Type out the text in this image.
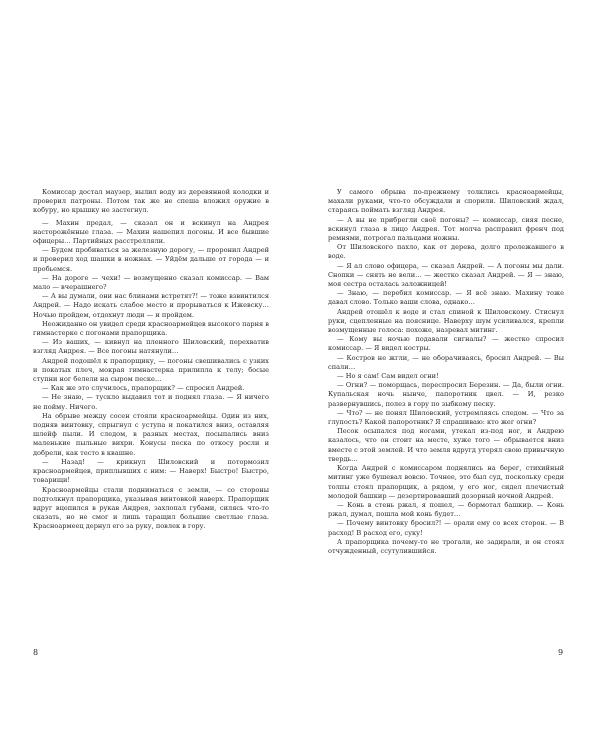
Комиссар достал маузер, вылил воду из деревянной колодки и проверил патроны. Потом так же не спеша вложил оружие в кобуру, но крышку не застегнул.

— Махин предал, — сказал он и вскинул на Андрея насторожённые глаза. — Махин нашепил погоны. И все бывшие офицеры… Партийных расстрелляли.

— Будем пробиваться за железную дорогу, — проронил Андрей и проверил ход шашки в ножнах. — Уйдём дальше от города — и пробьемся.

— На дороге — чехи! — возмущенно сказал комиссар. — Вам мало — вчерашнего?

— А вы думали, они нас блинами встретят?! — тоже взвинтился Андрей. — Надо искать слабое место и прорываться к Ижевску… Ночью пройдем, отдохнут люди — и пройдем.

Неожиданно он увидел среди красноармейцев высокого парня в гимнастерке с погонами прапорщика.

— Из ваших, — кивнул на пленного Шиловский, перехватив взгляд Андрея. — Все погоны натянули…

Андрей подошёл к прапорщику, — погоны свешивались с узких и покатых плеч, мокрая гимнастерка прилипла к телу; босые ступни ног белели на сыром песке…

— Как же это случилось, прапорщик? — спросил Андрей.

— Не знаю, — тускло выдавил тот и поднял глаза. — Я ничего не пойму. Ничего.

На обрыве между сосен стояли красноармейцы. Один из них, подняв винтовку, спрыгнул с уступа и покатился вниз, оставляя шлейф пыли. И следом, в разных местах, посыпались вниз маленькие пыльные вихри. Конусы песка по откосу росли и добрели, как тесто в квашне.

— Назад! — крикнул Шиловский и потормозил красноармейцев, приплывших с ним: — Наверх! Быстро! Быстро, товарищи!

Красноармейцы стали подниматься с земли, — со стороны подтолкнул прапорщика, указывая винтовкой наверх. Прапорщик вдруг вцепился в рукав Андрея, захлопал губами, силясь что-то сказать, но не смог и лишь таращил большие светлые глаза. Красноармеец дернул его за руку, повлек в гору.

У самого обрыва по-прежнему толклись красноармейцы, махали руками, что-то обсуждали и спорили. Шиловский ждал, стараясь поймать взгляд Андрея.

— А вы не прибрегли своё погоны? — комиссар, сияя песне, вскинул глаза в лицо Андрея. Тот молча расправил френч под ремнями, потрогал пальцами ножны.

От Шиловского пахло, как от дерева, долго пролежавшего в воде.

— Я ал слово офицера, — сказал Андрей. — А погоны мы дали. Снопки — снять не вели… — жестко сказал Андрей. — Я — знаю, моя сестра осталась заложницей!

— Знаю, — перебил комиссар. — Я всё знаю. Махину тоже давал слово. Только ваши слова, однако…

Андрей отошёл к воде и стал спиной к Шиловскому. Стиснул руки, сцепленные на пояснице. Наверху шум усиливался, крепли возмущенные голоса: похоже, назревал митинг.

— Кому вы ночью подавали сигналы? — жестко спросил комиссар. — Я видел костры.

— Костров не жгли, — не оборачиваясь, бросил Андрей. — Вы спали…

— Но я сам! Сам видел огни!

— Огни? — поморщась, переспросил Березин. — Да, были огни. Купальская ночь нынче, папоротник цвел. — И, резко развернувшись, полез в гору по зыбкому песку.

— Что? — не понял Шиловский, устремляясь следом. — Что за глупость? Какой папоротник? Я спрашиваю: кто жег огни?

Песок осыпался под ногами, утекал из-под ног, и Андрею казалось, что он стоит на месте, хуже того — обрывается вниз вместе с этой землей. И что земля вдругд утерял свою привычную твердь…

Когда Андрей с комиссаром поднялись на берег, стихийный митинг уже бушевал вовсю. Точнее, это был суд, поскольку среди толпы стоял прапорщик, а рядом, у его ног, сидел плечистый молодой башкир — дезертировавший дозорный ночной Андрей.

— Конь в стень ржал, я пошел, — бормотал башкир. — Конь ржал, думал, пошла мой конь будет…

— Почему винтовку бросил?! — орали ему со всех сторон. — В расход! В расход его, суку!

А прапорщика почему-то не трогали, не задирали, и он стоял отчужденный, ссутулившийся.

8	9
